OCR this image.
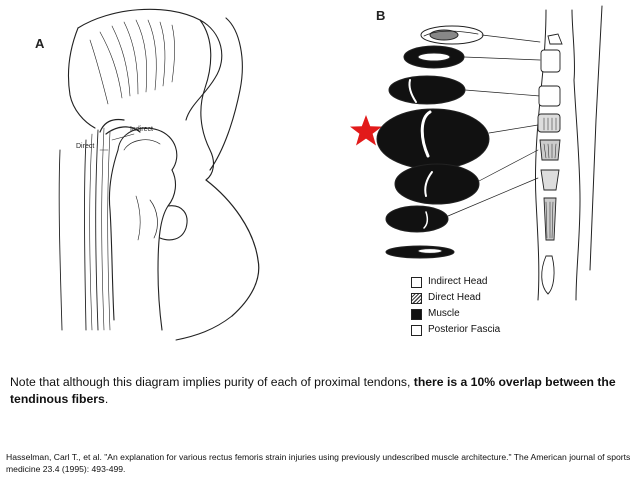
A
Indirect
Direct
B
Indirect Head
Direct Head
Muscle
Posterior Fascia
Note that although this diagram implies purity of each of proximal tendons, there is a 10% overlap between the tendinous fibers.
Hasselman, Carl T., et al. "An explanation for various rectus femoris strain injuries using previously undescribed muscle architecture." The American journal of sports medicine 23.4 (1995): 493-499.
